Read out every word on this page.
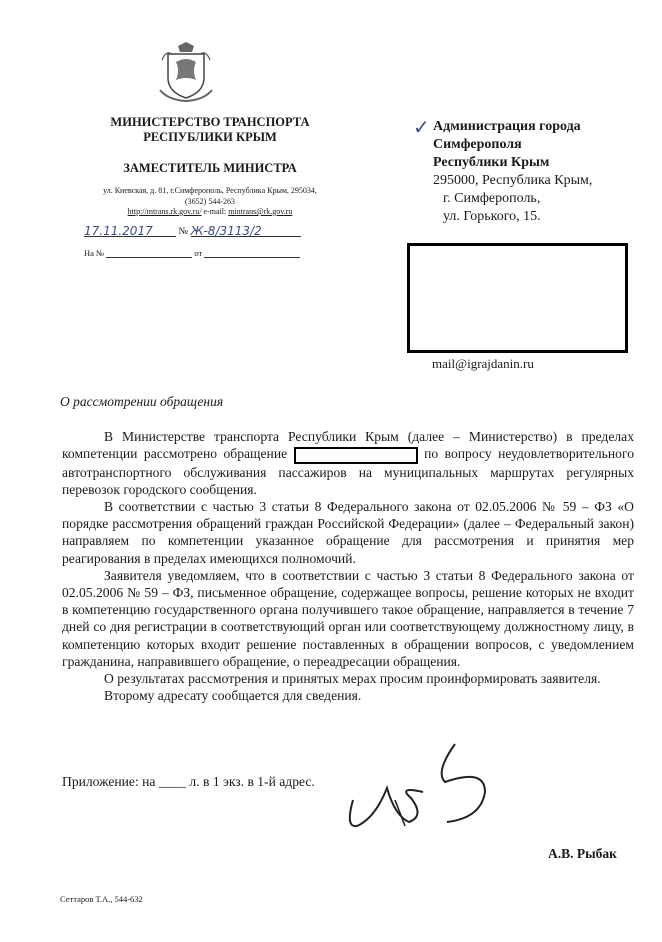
МИНИСТЕРСТВО ТРАНСПОРТА
РЕСПУБЛИКИ КРЫМ
ЗАМЕСТИТЕЛЬ МИНИСТРА
ул. Киевская, д. 81, г.Симферополь, Республика Крым, 295034,
(3652) 544-263
http://mtrans.rk.gov.ru/ e-mail: mintrans@rk.gov.ru
17.11.2017	№ Ж-8/3113/2
На №	от
✓ Администрация города
Симферополя
Республики Крым
295000, Республика Крым,
г. Симферополь,
ул. Горького, 15.
mail@igrajdanin.ru
О рассмотрении обращения

В Министерстве транспорта Республики Крым (далее – Министерство) в пределах компетенции рассмотрено обращение	по вопросу неудовлетворительного автотранспортного обслуживания пассажиров на муниципальных маршрутах регулярных перевозок городского сообщения.

В соответствии с частью 3 статьи 8 Федерального закона от 02.05.2006 № 59 – ФЗ «О порядке рассмотрения обращений граждан Российской Федерации» (далее – Федеральный закон) направляем по компетенции указанное обращение для рассмотрения и принятия мер реагирования в пределах имеющихся полномочий.

Заявителя уведомляем, что в соответствии с частью 3 статьи 8 Федерального закона от 02.05.2006 № 59 – ФЗ, письменное обращение, содержащее вопросы, решение которых не входит в компетенцию государственного органа получившего такое обращение, направляется в течение 7 дней со дня регистрации в соответствующий орган или соответствующему должностному лицу, в компетенцию которых входит решение поставленных в обращении вопросов, с уведомлением гражданина, направившего обращение, о переадресации обращения.

О результатах рассмотрения и принятых мерах просим проинформировать заявителя.

Второму адресату сообщается для сведения.

Приложение: на ____ л. в 1 экз. в 1-й адрес.
А.В. Рыбак
Сеттаров Т.А., 544-632
